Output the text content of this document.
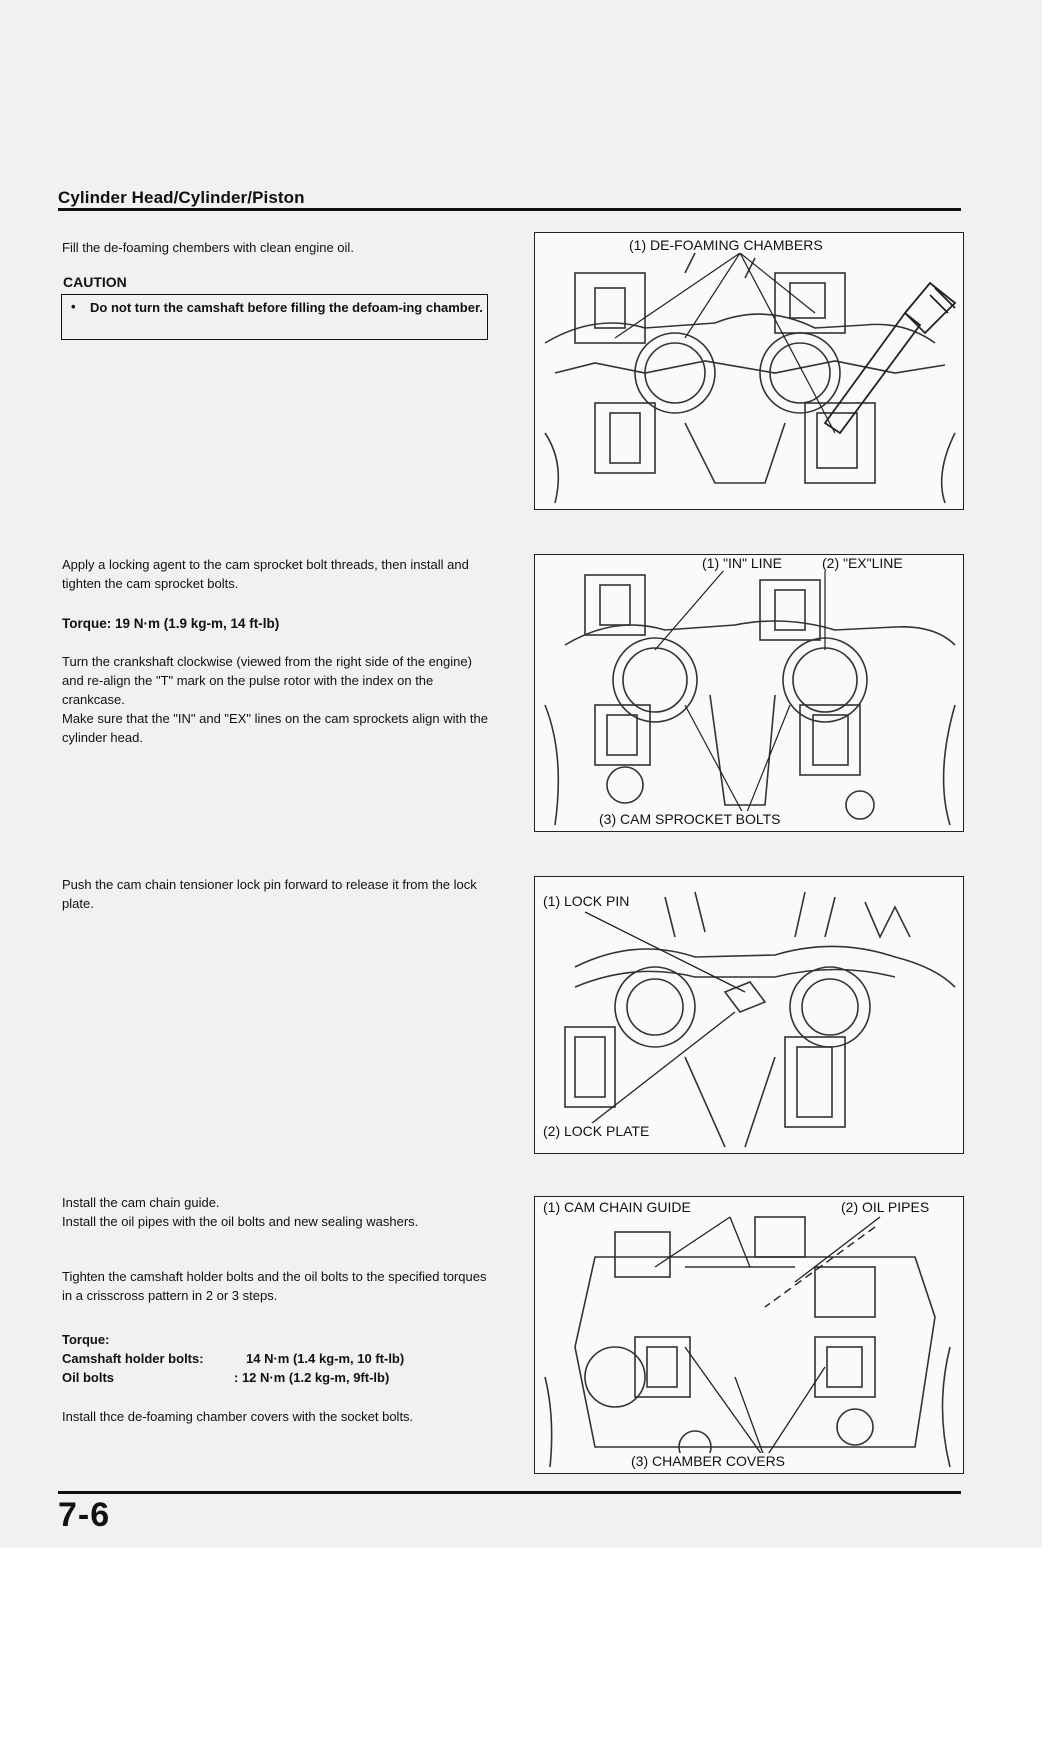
Cylinder Head/Cylinder/Piston
Fill the de-foaming chembers with clean engine oil.
CAUTION
• Do not turn the camshaft before filling the defoam-ing chamber.
Apply a locking agent to the cam sprocket bolt threads, then install and tighten the cam sprocket bolts.
Torque: 19 N·m (1.9 kg-m, 14 ft-lb)
Turn the crankshaft clockwise (viewed from the right side of the engine) and re-align the "T" mark on the pulse rotor with the index on the crankcase.
Make sure that the "IN" and "EX" lines on the cam sprockets align with the cylinder head.
Push the cam chain tensioner lock pin forward to release it from the lock plate.
Install the cam chain guide.
Install the oil pipes with the oil bolts and new sealing washers.
Tighten the camshaft holder bolts and the oil bolts to the specified torques in a crisscross pattern in 2 or 3 steps.
Torque:
Camshaft holder bolts:	14 N·m (1.4 kg-m, 10 ft-lb)
Oil bolts	: 12 N·m (1.2 kg-m, 9ft-lb)
Install thce de-foaming chamber covers with the socket bolts.
(1) DE-FOAMING CHAMBERS
(1) "IN" LINE	(2) "EX"LINE
(3) CAM SPROCKET BOLTS
(1) LOCK PIN
(2) LOCK PLATE
(1) CAM CHAIN GUIDE	(2) OIL PIPES
(3) CHAMBER COVERS
7-6
